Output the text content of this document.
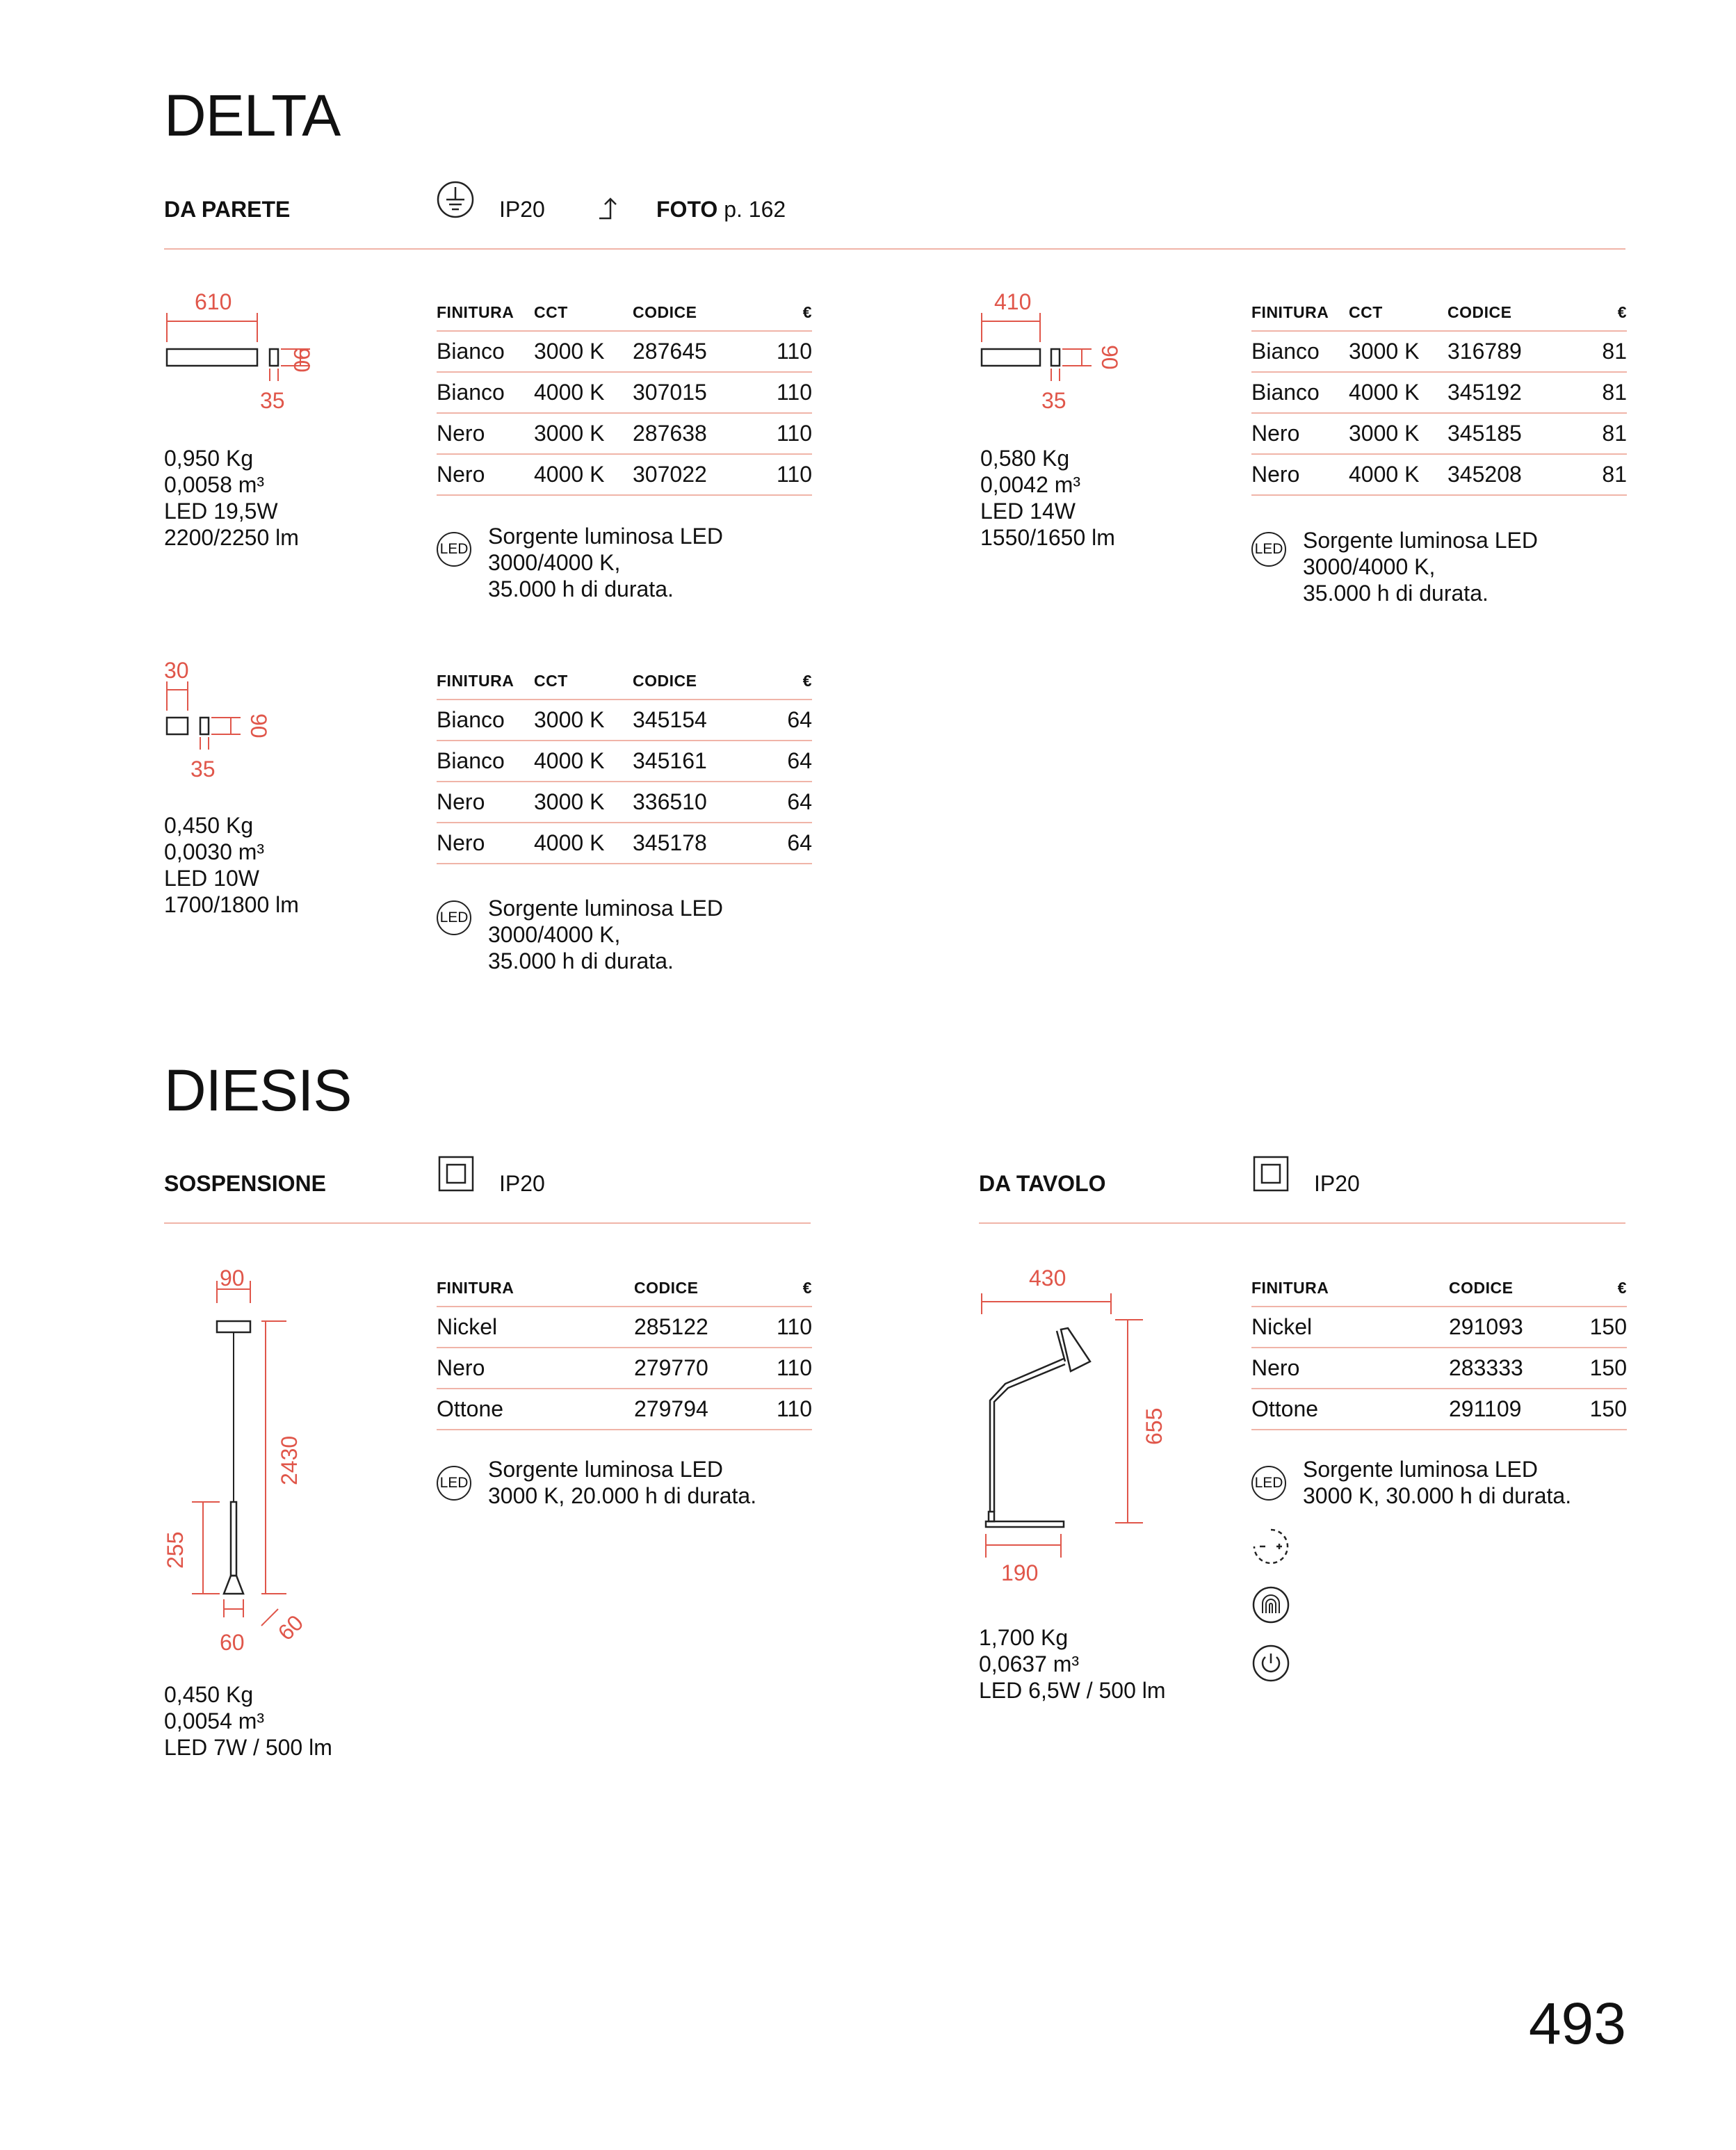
DELTA
DA PARETE	IP20	FOTO p. 162
610
35
90
0,950 Kg
0,0058 m³
LED 19,5W
2200/2250 lm
FINITURA	CCT	CODICE	€
Bianco	3000 K	287645	110
Bianco	4000 K	307015	110
Nero	3000 K	287638	110
Nero	4000 K	307022	110
LED
Sorgente luminosa LED
3000/4000 K,
35.000 h di durata.
410
35
90
0,580 Kg
0,0042 m³
LED 14W
1550/1650 lm
FINITURA	CCT	CODICE	€
Bianco	3000 K	316789	81
Bianco	4000 K	345192	81
Nero	3000 K	345185	81
Nero	4000 K	345208	81
LED Sorgente luminosa LED
3000/4000 K,
35.000 h di durata.
30
35
90
0,450 Kg
0,0030 m³
LED 10W
1700/1800 lm
FINITURA	CCT	CODICE	€
Bianco	3000 K	345154	64
Bianco	4000 K	345161	64
Nero	3000 K	336510	64
Nero	4000 K	345178	64
LED Sorgente luminosa LED
3000/4000 K,
35.000 h di durata.
DIESIS
SOSPENSIONE	IP20	DA TAVOLO	IP20
90
2430
255
60 60
0,450 Kg
0,0054 m³
LED 7W / 500 lm
FINITURA	CODICE	€
Nickel	285122	110
Nero	279770	110
Ottone	279794	110
LED
Sorgente luminosa LED
3000 K, 20.000 h di durata.
430
655
190
1,700 Kg
0,0637 m³
LED 6,5W / 500 lm
FINITURA	CODICE	€
Nickel	291093	150
Nero	283333	150
Ottone	291109	150
LED
Sorgente luminosa LED
3000 K, 30.000 h di durata.
493
